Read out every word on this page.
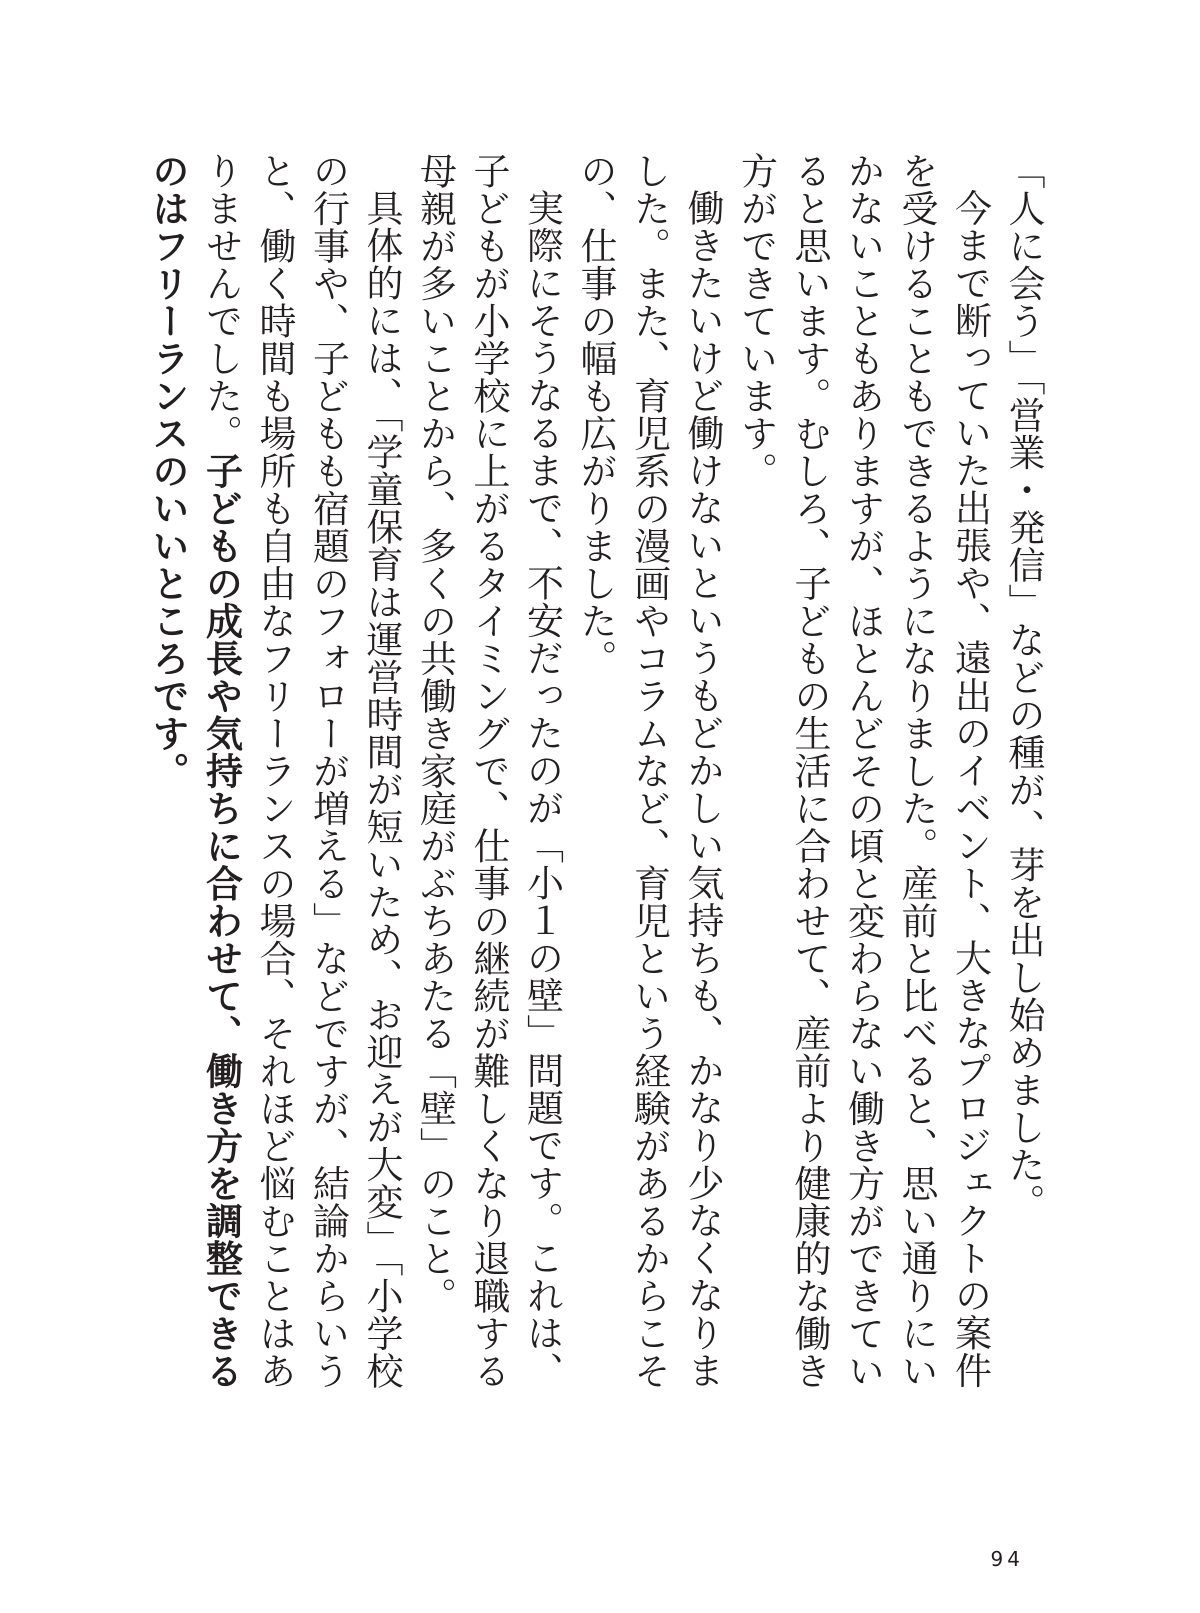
「人に会う」「営業・発信」などの種が、芽を出し始めました。

今まで断っていた出張や、遠出のイベント、大きなプロジェクトの案件を受けることもできるようになりました。産前と比べると、思い通りにいかないこともありますが、ほとんどその頃と変わらない働き方ができていると思います。むしろ、子どもの生活に合わせて、産前より健康的な働き方ができています。

働きたいけど働けないというもどかしい気持ちも、かなり少なくなりました。また、育児系の漫画やコラムなど、育児という経験があるからこその、仕事の幅も広がりました。

実際にそうなるまで、不安だったのが「小１の壁」問題です。これは、子どもが小学校に上がるタイミングで、仕事の継続が難しくなり退職する母親が多いことから、多くの共働き家庭がぶちあたる「壁」のこと。

具体的には、「学童保育は運営時間が短いため、お迎えが大変」「小学校の行事や、子どもも宿題のフォローが増える」などですが、結論からいうと、働く時間も場所も自由なフリーランスの場合、それほど悩むことはありませんでした。子どもの成長や気持ちに合わせて、働き方を調整できるのはフリーランスのいいところです。

94
